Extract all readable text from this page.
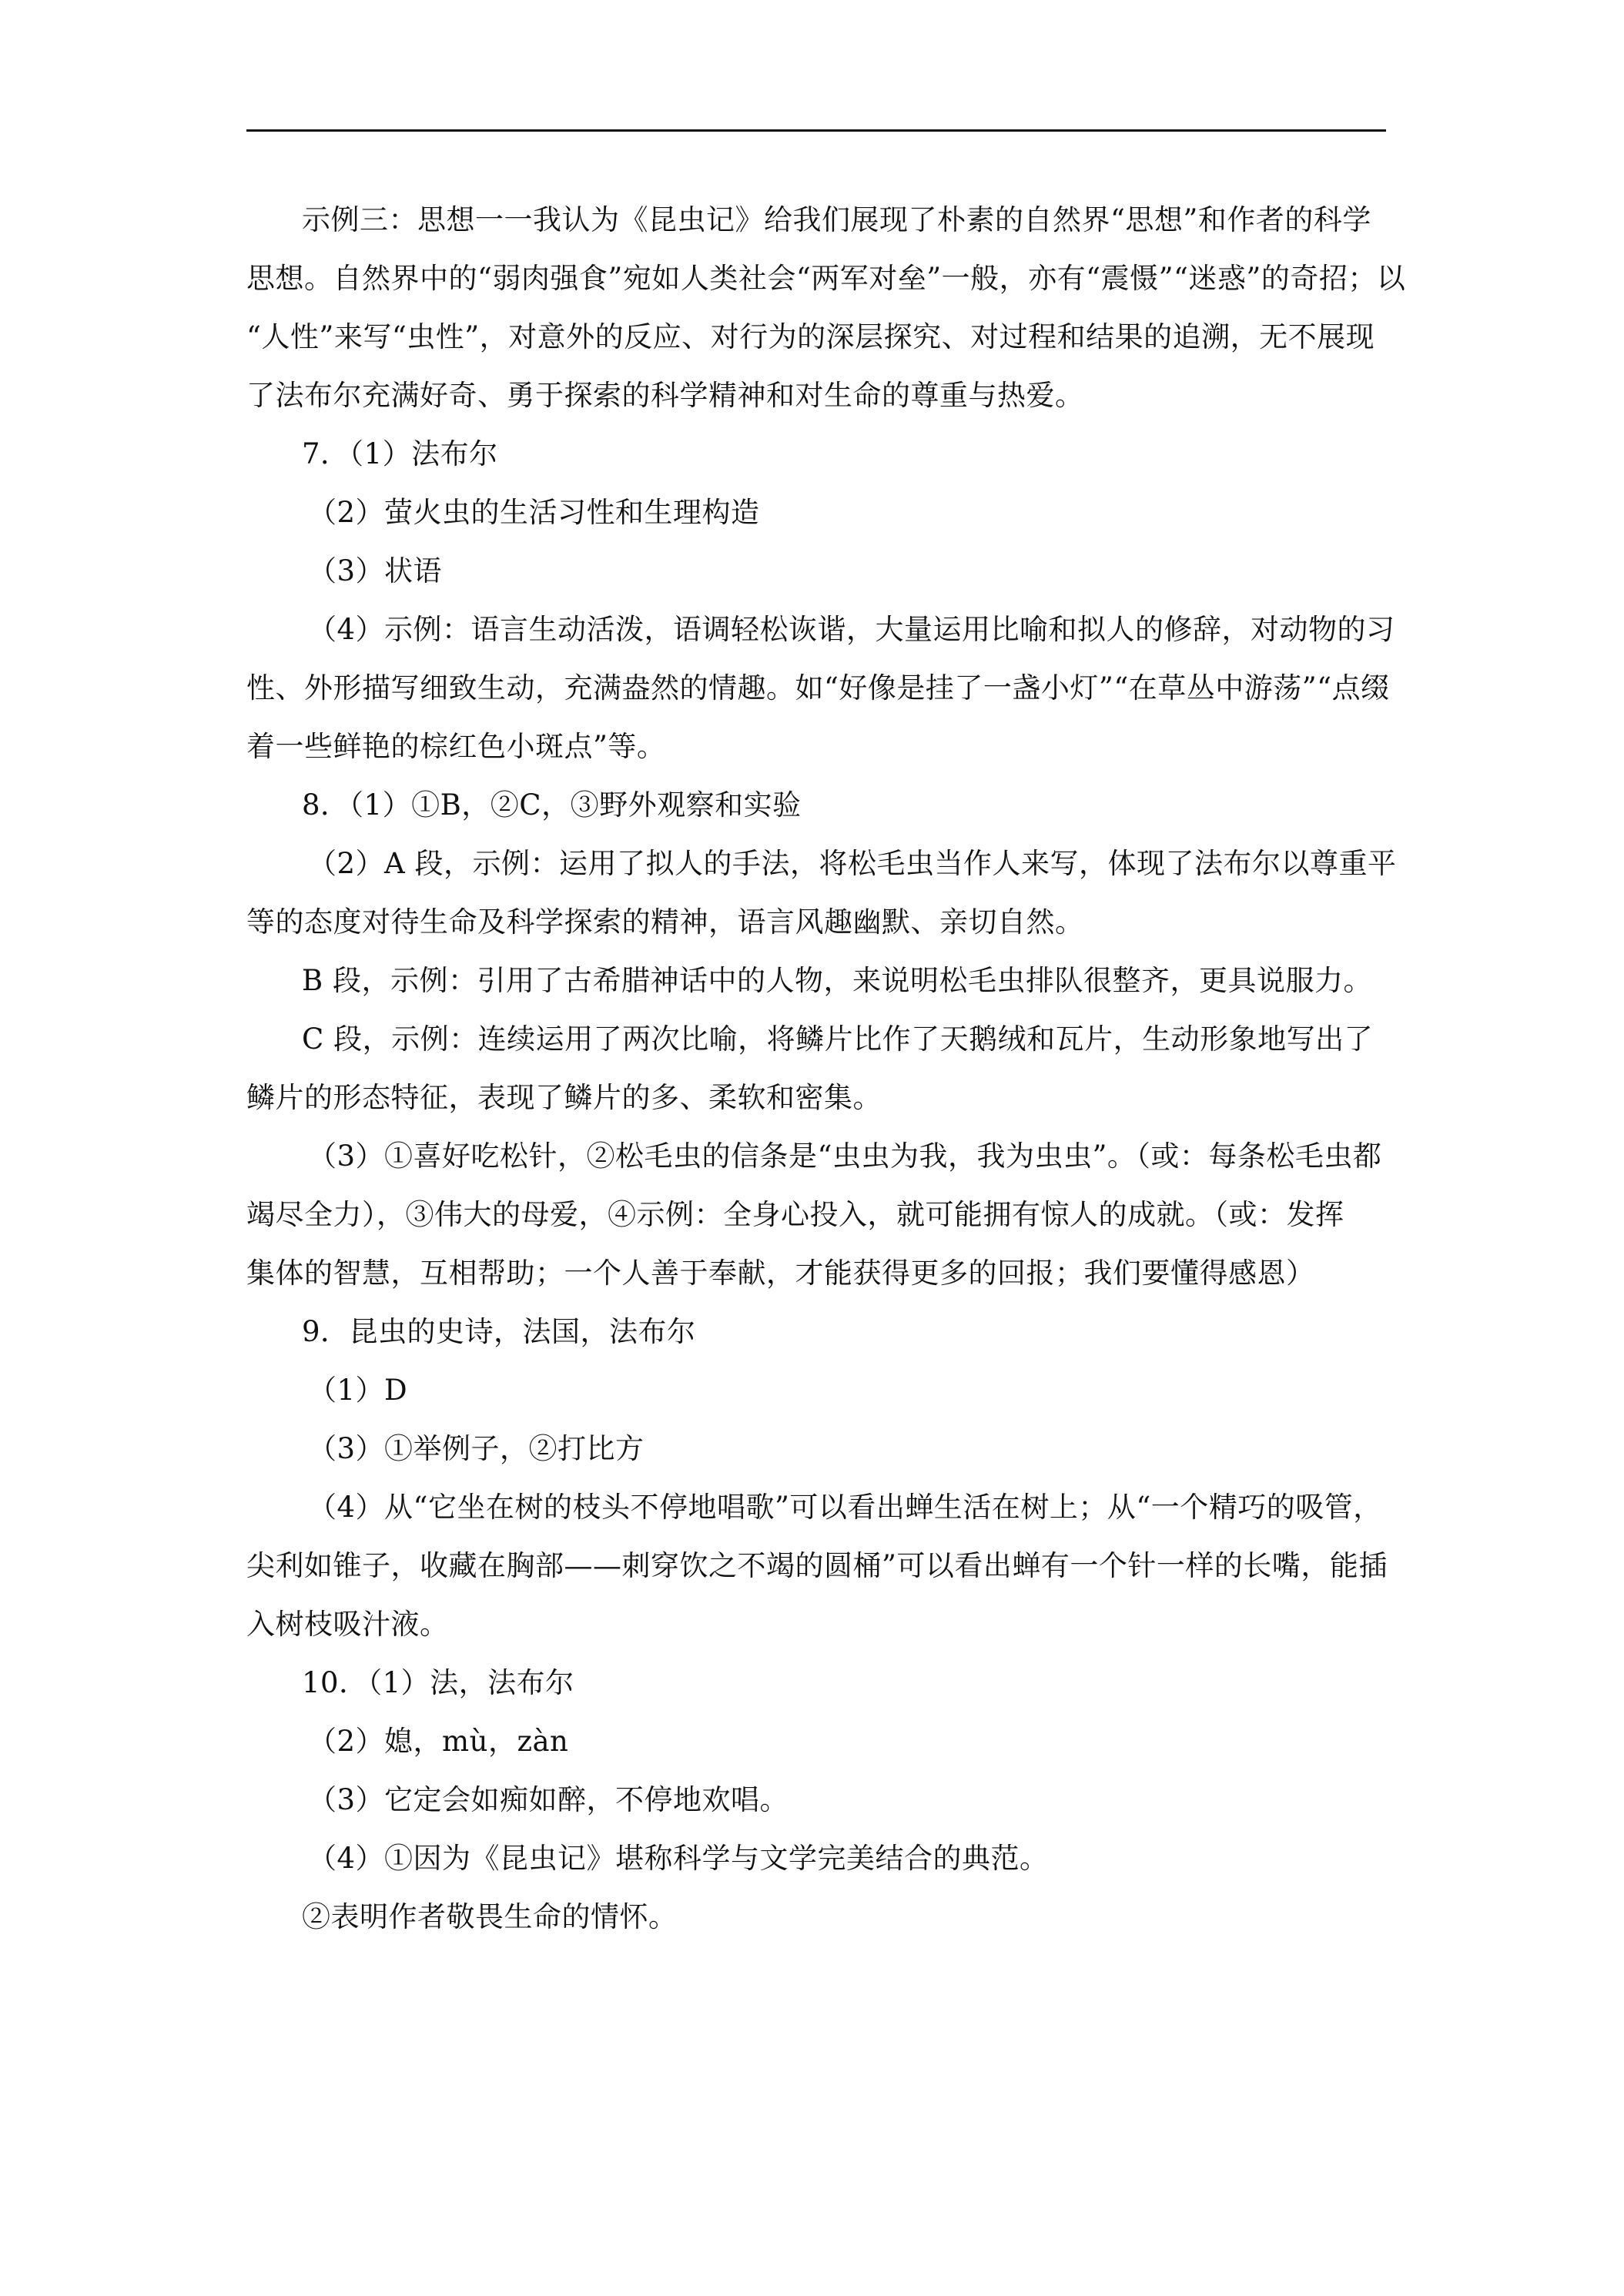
示例三：思想一一我认为《昆虫记》给我们展现了朴素的自然界“思想”和作者的科学
思想。自然界中的“弱肉强食”宛如人类社会“两军对垒”一般，亦有“震慑”“迷惑”的奇招；以
“人性”来写“虫性”，对意外的反应、对行为的深层探究、对过程和结果的追溯，无不展现
了法布尔充满好奇、勇于探索的科学精神和对生命的尊重与热爱。
7．（1）法布尔
（2）萤火虫的生活习性和生理构造
（3）状语
（4）示例：语言生动活泼，语调轻松诙谐，大量运用比喻和拟人的修辞，对动物的习
性、外形描写细致生动，充满盎然的情趣。如“好像是挂了一盏小灯”“在草丛中游荡”“点缀
着一些鲜艳的棕红色小斑点”等。
8．（1）①B，②C，③野外观察和实验
（2）A 段，示例：运用了拟人的手法，将松毛虫当作人来写，体现了法布尔以尊重平
等的态度对待生命及科学探索的精神，语言风趣幽默、亲切自然。
B 段，示例：引用了古希腊神话中的人物，来说明松毛虫排队很整齐，更具说服力。
C 段，示例：连续运用了两次比喻，将鳞片比作了天鹅绒和瓦片，生动形象地写出了
鳞片的形态特征，表现了鳞片的多、柔软和密集。
（3）①喜好吃松针，②松毛虫的信条是“虫虫为我，我为虫虫”。（或：每条松毛虫都
竭尽全力），③伟大的母爱，④示例：全身心投入，就可能拥有惊人的成就。（或：发挥
集体的智慧，互相帮助；一个人善于奉献，才能获得更多的回报；我们要懂得感恩）
9．昆虫的史诗，法国，法布尔
（1）D
（3）①举例子，②打比方
（4）从“它坐在树的枝头不停地唱歌”可以看出蝉生活在树上；从“一个精巧的吸管，
尖利如锥子，收藏在胸部——刺穿饮之不竭的圆桶”可以看出蝉有一个针一样的长嘴，能插
入树枝吸汁液。
10．（1）法，法布尔
（2）媳，mù，zàn
（3）它定会如痴如醉，不停地欢唱。
（4）①因为《昆虫记》堪称科学与文学完美结合的典范。
②表明作者敬畏生命的情怀。
